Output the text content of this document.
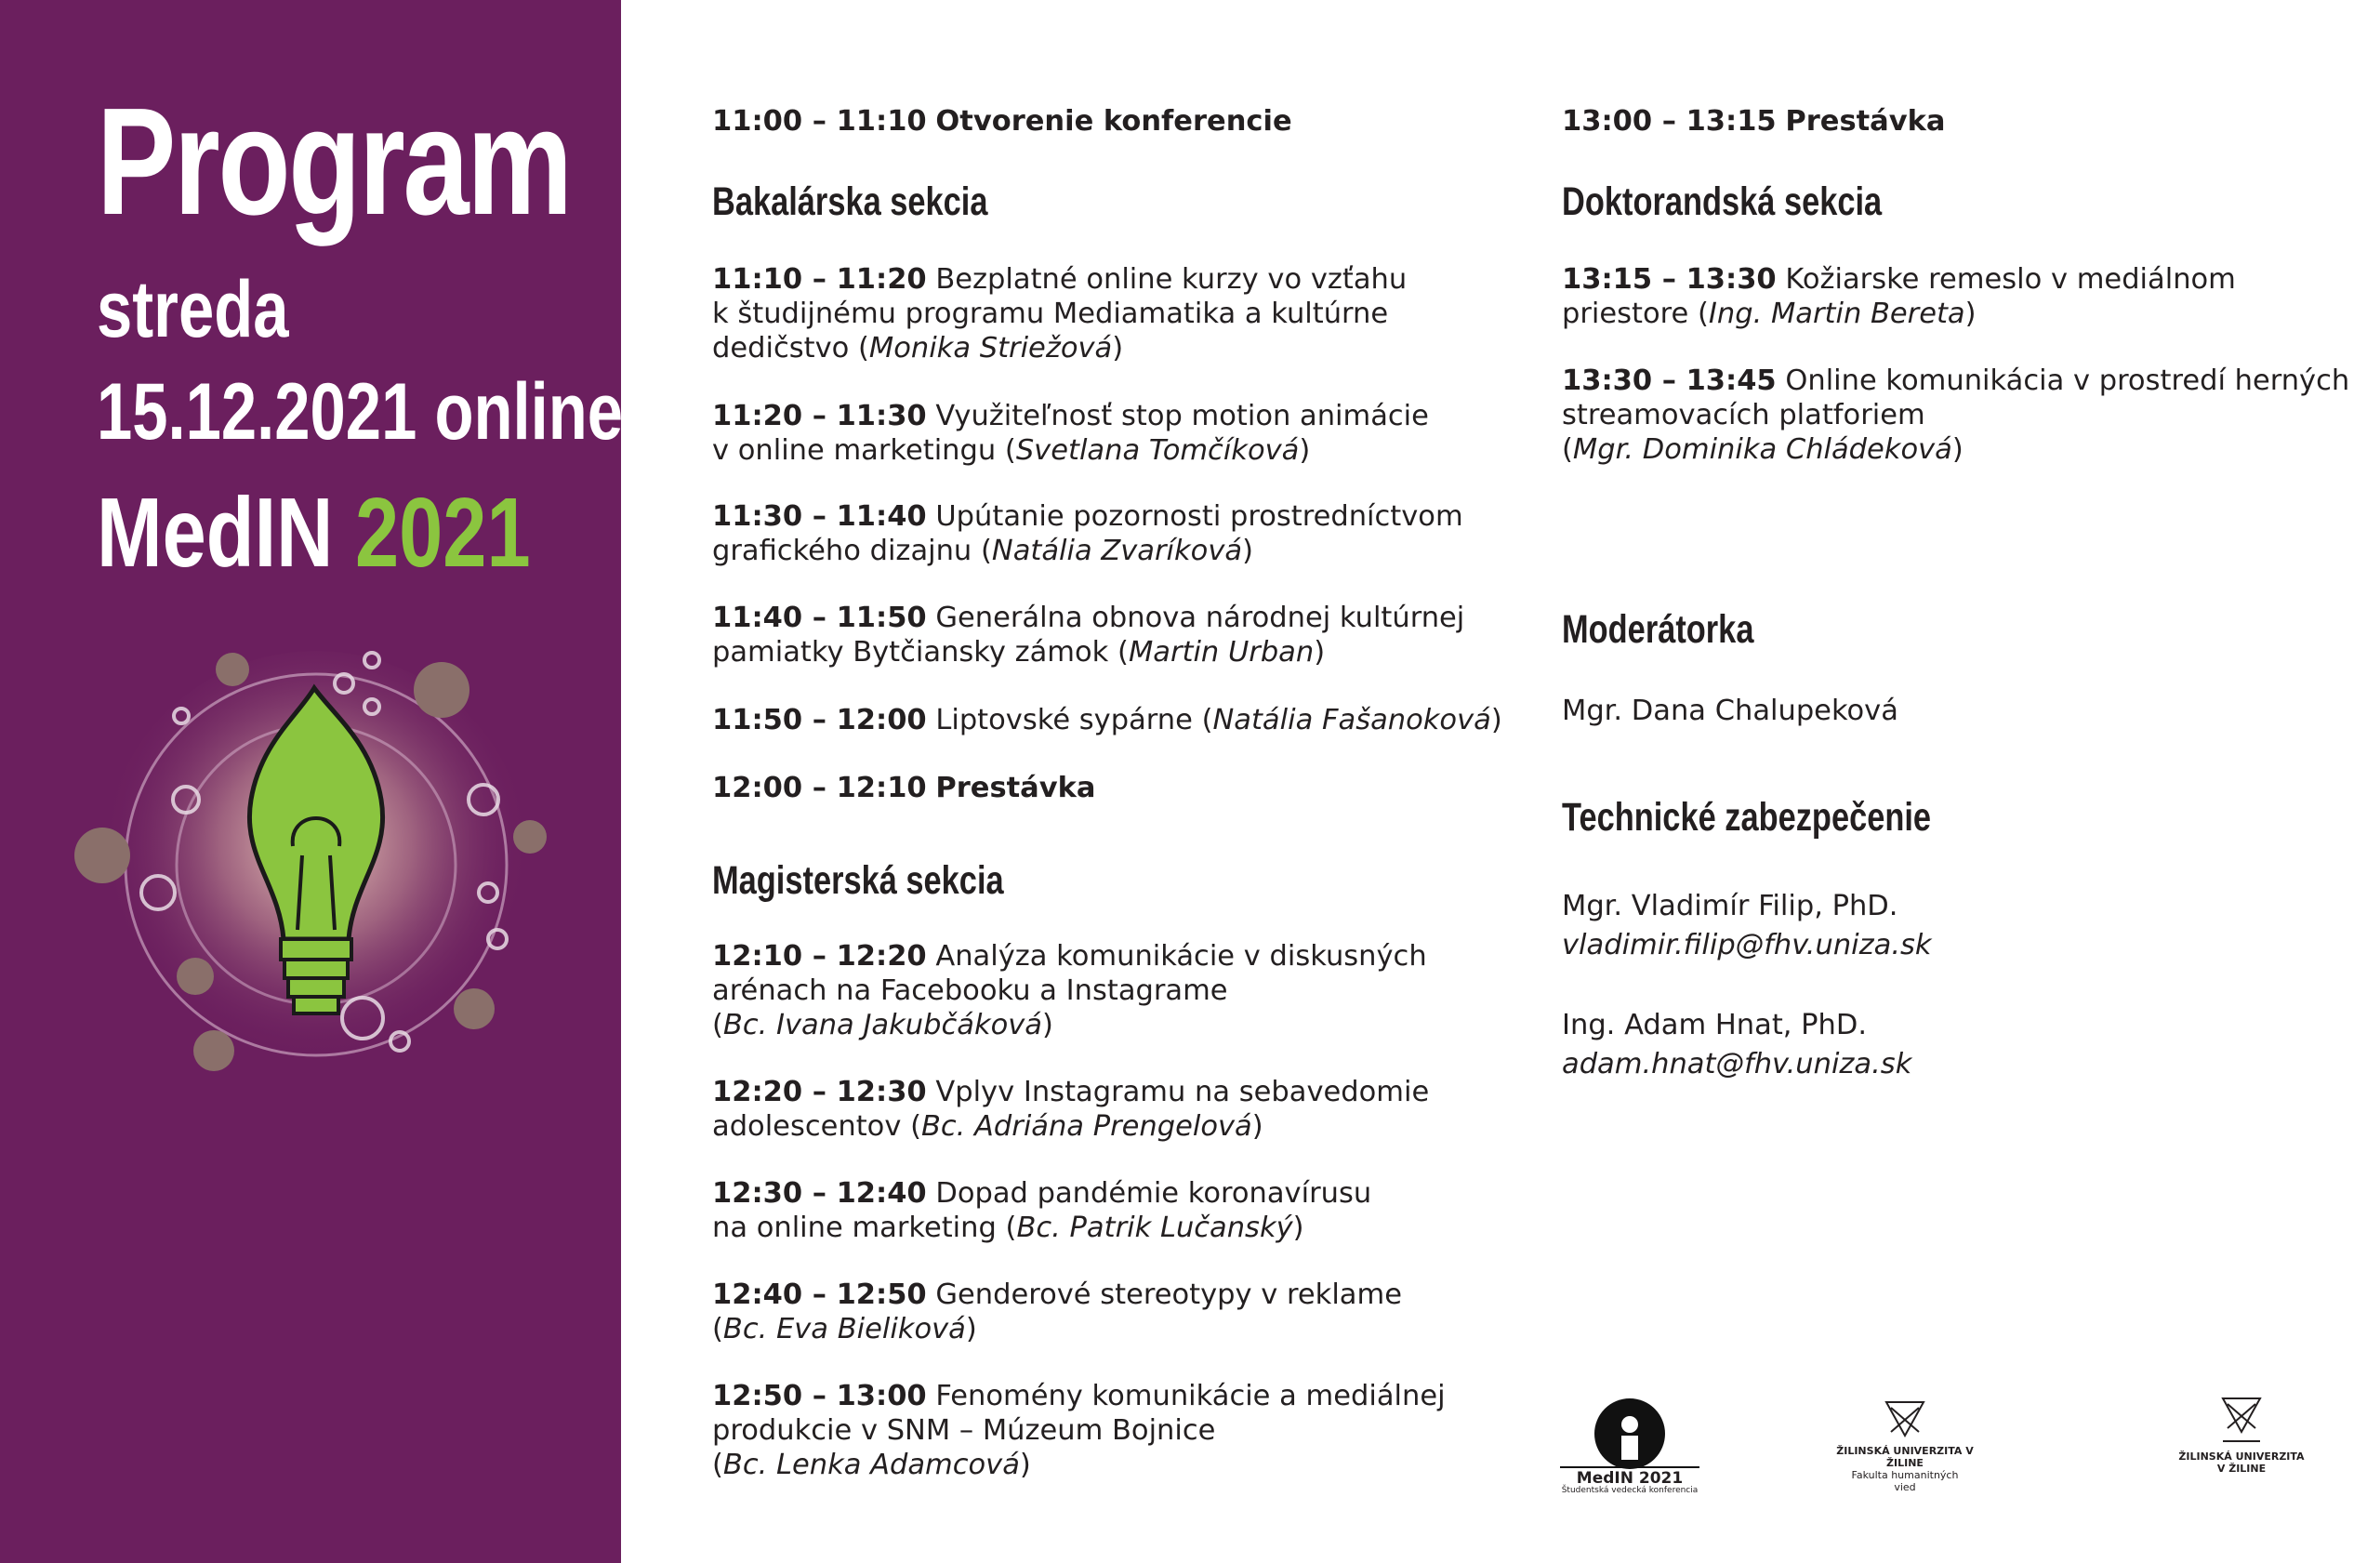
Program
streda
15.12.2021 online
MedIN 2021
11:00 – 11:10 Otvorenie konferencie
Bakalárska sekcia
11:10 – 11:20 Bezplatné online kurzy vo vzťahu
k študijnému programu Mediamatika a kultúrne
dedičstvo (Monika Striežová)
11:20 – 11:30 Využiteľnosť stop motion animácie
v online marketingu (Svetlana Tomčíková)
11:30 – 11:40 Upútanie pozornosti prostredníctvom
grafického dizajnu (Natália Zvaríková)
11:40 – 11:50 Generálna obnova národnej kultúrnej
pamiatky Bytčiansky zámok (Martin Urban)
11:50 – 12:00 Liptovské sypárne (Natália Fašanoková)
12:00 – 12:10 Prestávka
Magisterská sekcia
12:10 – 12:20 Analýza komunikácie v diskusných
arénach na Facebooku a Instagrame
(Bc. Ivana Jakubčáková)
12:20 – 12:30 Vplyv Instagramu na sebavedomie
adolescentov (Bc. Adriána Prengelová)
12:30 – 12:40 Dopad pandémie koronavírusu
na online marketing (Bc. Patrik Lučanský)
12:40 – 12:50 Genderové stereotypy v reklame
(Bc. Eva Bieliková)
12:50 – 13:00 Fenomény komunikácie a mediálnej
produkcie v SNM – Múzeum Bojnice
(Bc. Lenka Adamcová)
13:00 – 13:15 Prestávka
Doktorandská sekcia
13:15 – 13:30 Kožiarske remeslo v mediálnom
priestore (Ing. Martin Bereta)
13:30 – 13:45 Online komunikácia v prostredí herných
streamovacích platforiem
(Mgr. Dominika Chládeková)
Moderátorka
Mgr. Dana Chalupeková
Technické zabezpečenie
Mgr. Vladimír Filip, PhD.
vladimir.filip@fhv.uniza.sk
Ing. Adam Hnat, PhD.
adam.hnat@fhv.uniza.sk
MedIN 2021
Študentská vedecká konferencia
ŽILINSKÁ UNIVERZITA V ŽILINE
Fakulta humanitných
vied
ŽILINSKÁ UNIVERZITA
V ŽILINE
